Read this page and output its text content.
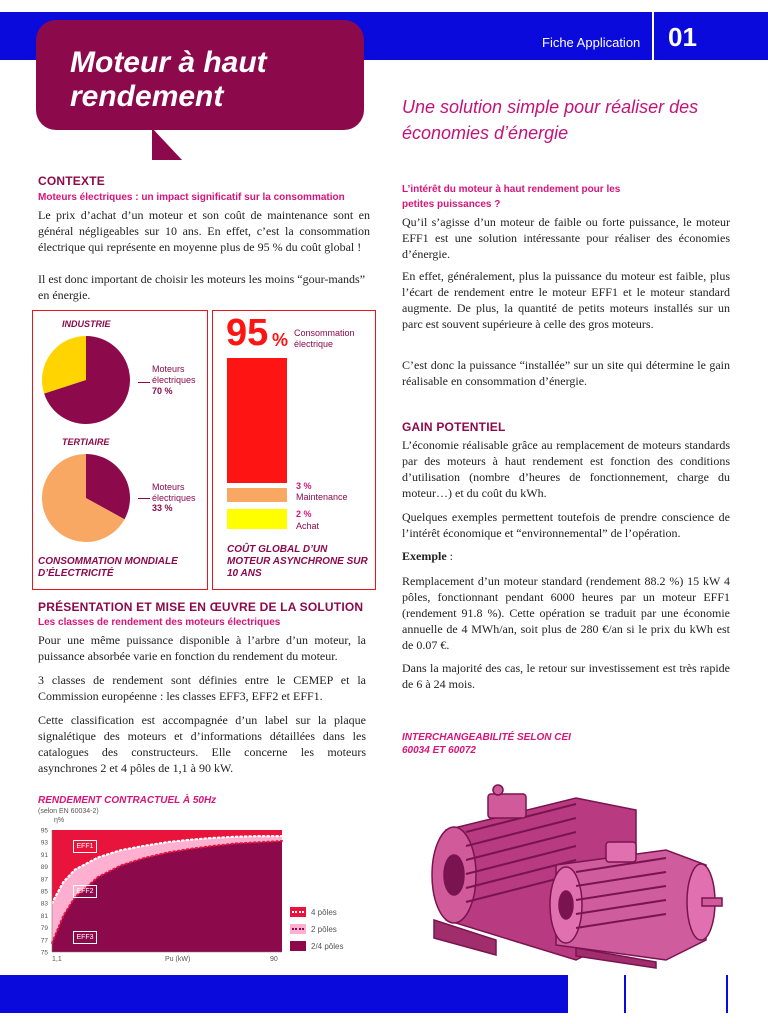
Fiche Application 01
Moteur à haut rendement	Une solution simple pour réaliser des économies d’énergie
CONTEXTE
Moteurs électriques : un impact significatif sur la consommation
Le prix d’achat d’un moteur et son coût de maintenance sont en général négligeables sur 10 ans. En effet, c’est la consommation électrique qui représente en moyenne plus de 95 % du coût global !
Il est donc important de choisir les moteurs les moins “gour-mands” en énergie.
INDUSTRIE
Moteurs électriques
70 %
TERTIAIRE
Moteurs électriques
33 %
CONSOMMATION MONDIALE D’ÉLECTRICITÉ
95 % Consommation électrique
3 %
Maintenance
2 %
Achat
COÛT GLOBAL D’UN MOTEUR ASYNCHRONE SUR 10 ANS
PRÉSENTATION ET MISE EN ŒUVRE DE LA SOLUTION
Les classes de rendement des moteurs électriques
Pour une même puissance disponible à l’arbre d’un moteur, la puissance absorbée varie en fonction du rendement du moteur.
3 classes de rendement sont définies entre le CEMEP et la Commission européenne : les classes EFF3, EFF2 et EFF1.
Cette classification est accompagnée d’un label sur la plaque signalétique des moteurs et d’informations détaillées dans les catalogues des constructeurs. Elle concerne les moteurs asynchrones 2 et 4 pôles de 1,1 à 90 kW.
RENDEMENT CONTRACTUEL À 50Hz
(selon EN 60034-2)
η%
75
77
79
81
83
85
87
89
91
93
95
1,1	Pu (kW)	90
EFF1
EFF2
EFF3
4 pôles
2 pôles
2/4 pôles
L’intérêt du moteur à haut rendement pour les petites puissances ?
Qu’il s’agisse d’un moteur de faible ou forte puissance, le moteur EFF1 est une solution intéressante pour réaliser des économies d’énergie.
En effet, généralement, plus la puissance du moteur est faible, plus l’écart de rendement entre le moteur EFF1 et le moteur standard augmente. De plus, la quantité de petits moteurs installés sur un parc est souvent supérieure à celle des gros moteurs.
C’est donc la puissance “installée” sur un site qui détermine le gain réalisable en consommation d’énergie.
GAIN POTENTIEL
L’économie réalisable grâce au remplacement de moteurs standards par des moteurs à haut rendement est fonction des conditions d’utilisation (nombre d’heures de fonctionnement, charge du moteur…) et du coût du kWh.
Quelques exemples permettent toutefois de prendre conscience de l’intérêt économique et “environnemental” de l’opération.
Exemple :
Remplacement d’un moteur standard (rendement 88.2 %) 15 kW 4 pôles, fonctionnant pendant 6000 heures par un moteur EFF1 (rendement 91.8 %). Cette opération se traduit par une économie annuelle de 4 MWh/an, soit plus de 280 €/an si le prix du kWh est de 0.07 €.
Dans la majorité des cas, le retour sur investissement est très rapide de 6 à 24 mois.
INTERCHANGEABILITÉ SELON CEI 60034 ET 60072
